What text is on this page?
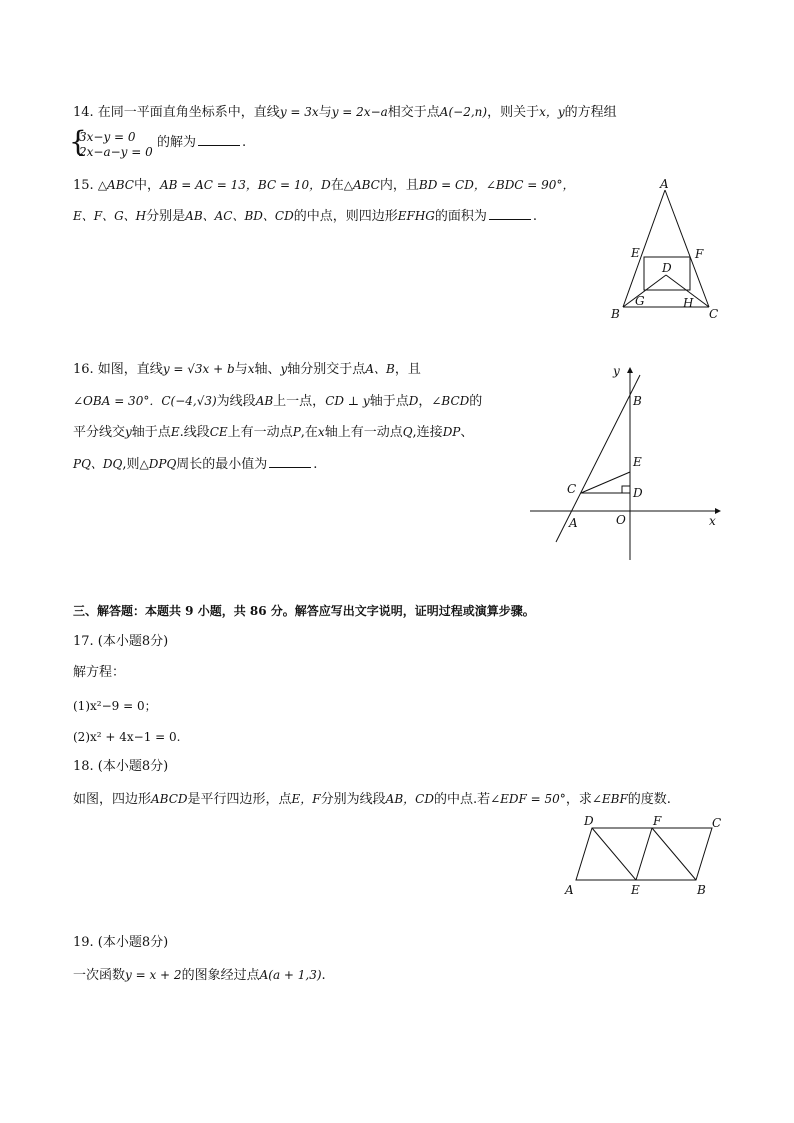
14. 在同一平面直角坐标系中，直线y = 3x与y = 2x−a相交于点A(−2,n)，则关于x，y的方程组
{
3x−y = 0
2x−a−y = 0
的解为	.
15. △ABC中，AB = AC = 13，BC = 10，D在△ABC内，且BD = CD，∠BDC = 90°，
E、F、G、H分别是AB、AC、BD、CD的中点，则四边形EFHG的面积为	.
A
B	C
D
E	F
G	H
16. 如图，直线y = √3x + b与x轴、y轴分别交于点A、B，且
∠OBA = 30°．C(−4,√3)为线段AB上一点，CD ⊥ y轴于点D，∠BCD的
平分线交y轴于点E.线段CE上有一动点P,在x轴上有一动点Q,连接DP、
PQ、DQ,则△DPQ周长的最小值为	.
y
x
B
E
C	D
A	O
三、解答题：本题共 9 小题，共 86 分。解答应写出文字说明，证明过程或演算步骤。
17. (本小题8分)
解方程：
(1)x²−9 = 0；
(2)x² + 4x−1 = 0.
18. (本小题8分)
如图，四边形ABCD是平行四边形，点E，F分别为线段AB，CD的中点.若∠EDF = 50°，求∠EBF的度数.
D	F	C
A	E	B
19. (本小题8分)
一次函数y = x + 2的图象经过点A(a + 1,3).
